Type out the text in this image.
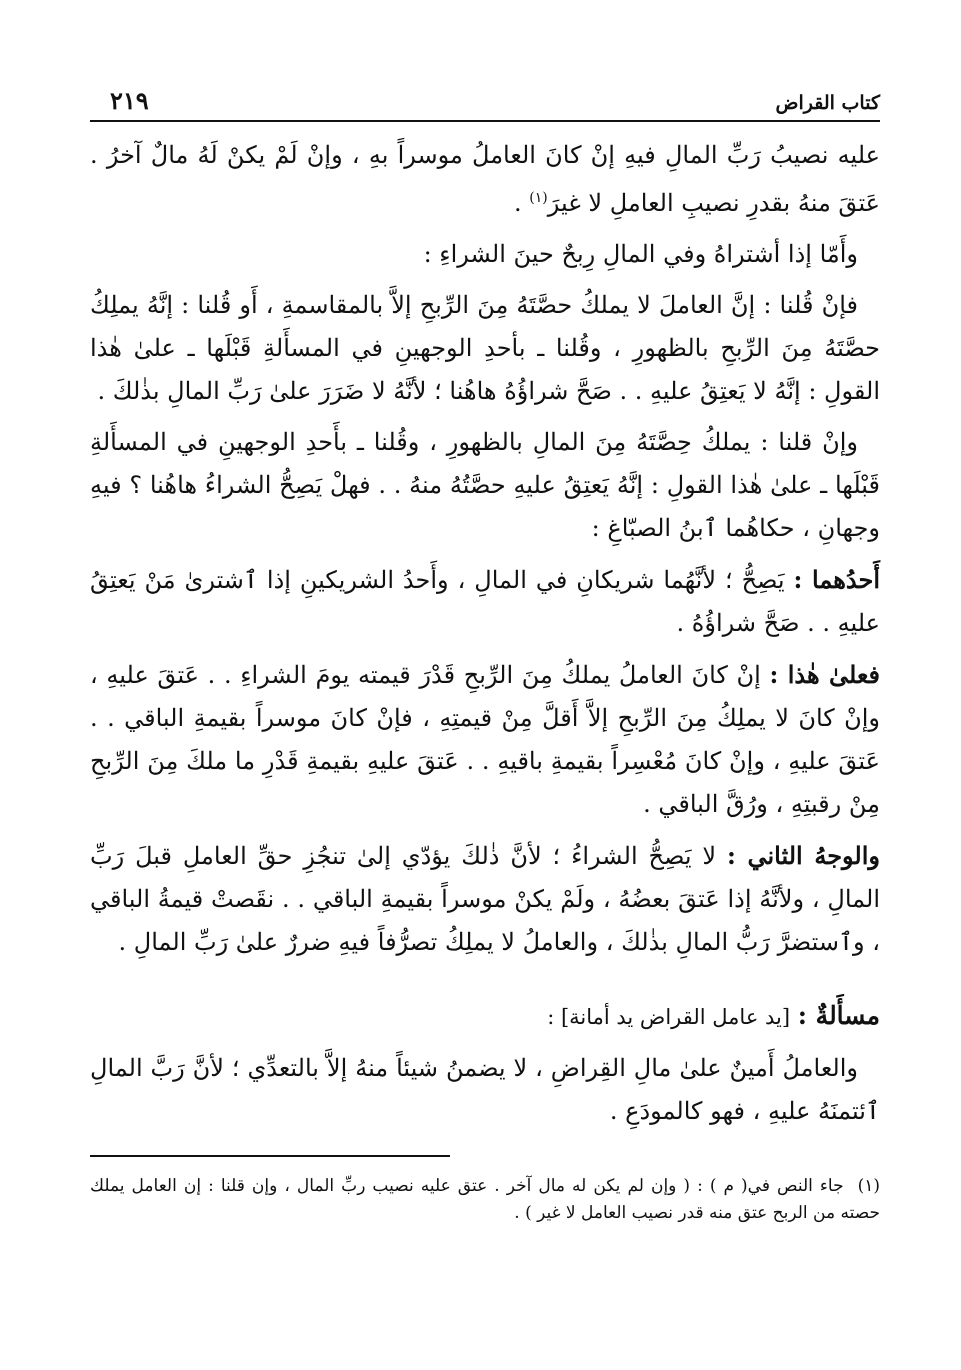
كتاب القراض
٢١٩

عليه نصيبُ رَبِّ المالِ فيهِ إنْ كانَ العاملُ موسراً بهِ ، وإنْ لَمْ يكنْ لَهُ مالٌ آخرُ . عَتقَ منهُ بقدرِ نصيبِ العاملِ لا غيرَ$^{(١)}$ .

وأَمّا إذا أشتراهُ وفي المالِ رِبحٌ حينَ الشراءِ :

فإنْ قُلنا : إنَّ العاملَ لا يملكُ حصَّتَهُ مِنَ الرِّبحِ إلاَّ بالمقاسمةِ ، أَو قُلنا : إنَّهُ يملِكُ حصَّتَهُ مِنَ الرِّبحِ بالظهورِ ، وقُلنا ـ بأحدِ الوجهينِ في المسأَلةِ قَبْلَها ـ علىٰ هٰذا القولِ : إنَّهُ لا يَعتِقُ عليهِ . . صَحَّ شراؤُهُ هاهُنا ؛ لأنَّهُ لا ضَرَرَ علىٰ رَبِّ المالِ بذٰلكَ .

وإنْ قلنا : يملكُ حِصَّتَهُ مِنَ المالِ بالظهورِ ، وقُلنا ـ بأَحدِ الوجهينِ في المسأَلةِ قَبْلَها ـ علىٰ هٰذا القولِ : إنَّهُ يَعتِقُ عليهِ حصَّتُهُ منهُ . . فهلْ يَصِحُّ الشراءُ هاهُنا ؟ فيهِ وجهانِ ، حكاهُما ٱبنُ الصبّاغِ :

أَحدُهما : يَصِحُّ ؛ لأنَّهُما شريكانِ في المالِ ، وأَحدُ الشريكينِ إذا ٱشترىٰ مَنْ يَعتِقُ عليهِ . . صَحَّ شراؤُهُ .

فعلىٰ هٰذا : إنْ كانَ العاملُ يملكُ مِنَ الرِّبحِ قَدْرَ قيمته يومَ الشراءِ . . عَتقَ عليهِ ، وإنْ كانَ لا يملِكُ مِنَ الرِّبحِ إلاَّ أَقلَّ مِنْ قيمتِهِ ، فإنْ كانَ موسراً بقيمةِ الباقي . . عَتقَ عليهِ ، وإنْ كانَ مُعْسِراً بقيمةِ باقيهِ . . عَتقَ عليهِ بقيمةِ قَدْرِ ما ملكَ مِنَ الرِّبحِ مِنْ رقبتِهِ ، ورُقَّ الباقي .

والوجهُ الثاني : لا يَصِحُّ الشراءُ ؛ لأنَّ ذٰلكَ يؤدّي إلىٰ تنجُزِ حقِّ العاملِ قبلَ رَبِّ المالِ ، ولأنَّهُ إذا عَتقَ بعضُهُ ، ولَمْ يكنْ موسراً بقيمةِ الباقي . . نقَصتْ قيمةُ الباقي ، وٱستضرَّ رَبُّ المالِ بذٰلكَ ، والعاملُ لا يملِكُ تصرُّفاً فيهِ ضررٌ علىٰ رَبِّ المالِ .

مسأَلةٌ : [يد عامل القراض يد أمانة] :

والعاملُ أَمينٌ علىٰ مالِ القِراضِ ، لا يضمنُ شيئاً منهُ إلاَّ بالتعدِّي ؛ لأنَّ رَبَّ المالِ ٱئتمنَهُ عليهِ ، فهو كالمودَعِ .

(١)جاء النص في( م ) : ( وإن لم يكن له مال آخر . عتق عليه نصيب ربِّ المال ، وإن قلنا : إن العامل يملك حصته من الربح عتق منه قدر نصيب العامل لا غير ) .
